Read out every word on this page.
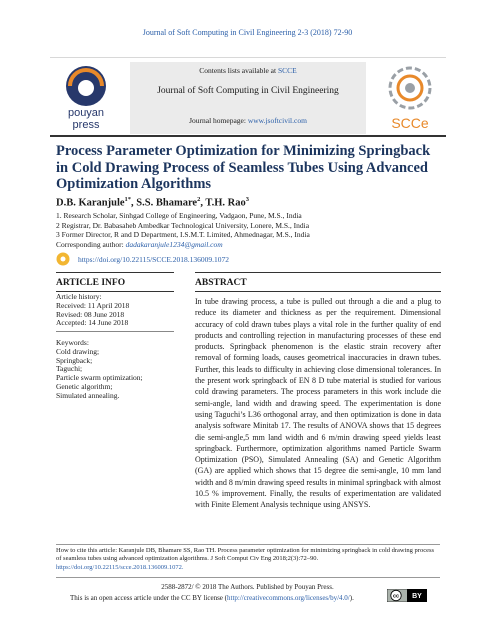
Journal of Soft Computing in Civil Engineering 2-3 (2018) 72-90
pouyan
press
Contents lists available at SCCE
Journal of Soft Computing in Civil Engineering
Journal homepage: www.jsoftcivil.com	SCCe
Process Parameter Optimization for Minimizing Springback in Cold Drawing Process of Seamless Tubes Using Advanced Optimization Algorithms
D.B. Karanjule$^{1*}$, S.S. Bhamare$^2$, T.H. Rao$^3$
1. Research Scholar, Sinhgad College of Engineering, Vadgaon, Pune, M.S., India
2 Registrar, Dr. Babasaheb Ambedkar Technological University, Lonere, M.S., India
3 Former Director, R and D Department, I.S.M.T. Limited, Ahmednagar, M.S., India
Corresponding author: dadakaranjule1234@gmail.com
https://doi.org/10.22115/SCCE.2018.136009.1072
ARTICLE INFO
Article history:
Received: 11 April 2018
Revised: 08 June 2018
Accepted: 14 June 2018
Keywords:
Cold drawing;
Springback;
Taguchi;
Particle swarm optimization;
Genetic algorithm;
Simulated annealing.
ABSTRACT
In tube drawing process, a tube is pulled out through a die and a plug to reduce its diameter and thickness as per the requirement. Dimensional accuracy of cold drawn tubes plays a vital role in the further quality of end products and controlling rejection in manufacturing processes of these end products. Springback phenomenon is the elastic strain recovery after removal of forming loads, causes geometrical inaccuracies in drawn tubes. Further, this leads to difficulty in achieving close dimensional tolerances. In the present work springback of EN 8 D tube material is studied for various cold drawing parameters. The process parameters in this work include die semi-angle, land width and drawing speed. The experimentation is done using Taguchi’s L36 orthogonal array, and then optimization is done in data analysis software Minitab 17. The results of ANOVA shows that 15 degrees die semi-angle,5 mm land width and 6 m/min drawing speed yields least springback. Furthermore, optimization algorithms named Particle Swarm Optimization (PSO), Simulated Annealing (SA) and Genetic Algorithm (GA) are applied which shows that 15 degree die semi-angle, 10 mm land width and 8 m/min drawing speed results in minimal springback with almost 10.5 % improvement. Finally, the results of experimentation are validated with Finite Element Analysis technique using ANSYS.
How to cite this article: Karanjule DB, Bhamare SS, Rao TH. Process parameter optimization for minimizing springback in cold drawing process of seamless tubes using advanced optimization algorithms. J Soft Comput Civ Eng 2018;2(3):72–90. https://doi.org/10.22115/scce.2018.136009.1072.
2588-2872/ © 2018 The Authors. Published by Pouyan Press.
This is an open access article under the CC BY license (http://creativecommons.org/licenses/by/4.0/).	cc BY
